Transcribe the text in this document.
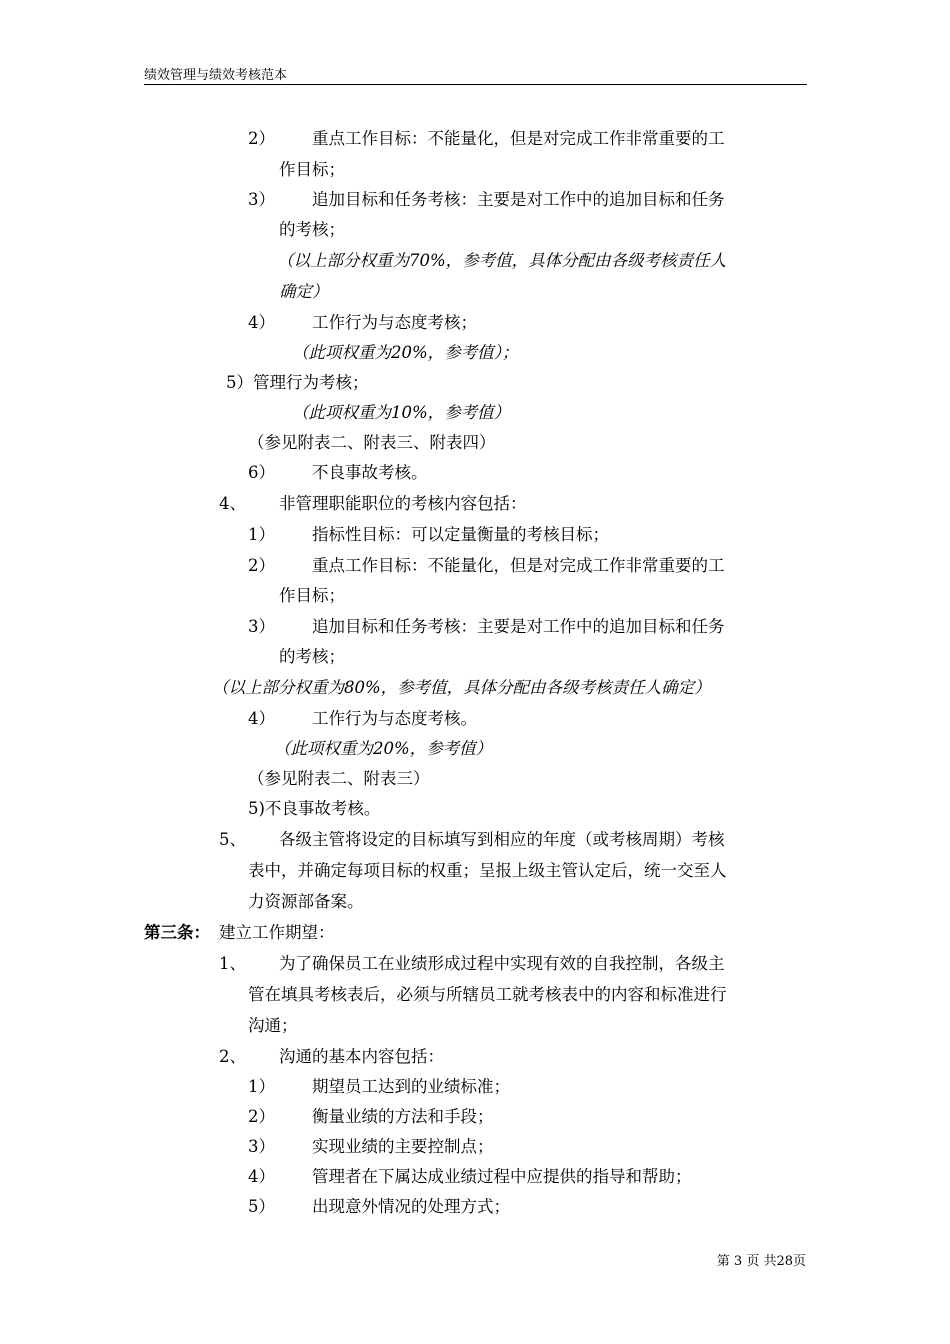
绩效管理与绩效考核范本
2） 重点工作目标：不能量化，但是对完成工作非常重要的工
作目标；
3） 追加目标和任务考核：主要是对工作中的追加目标和任务
的考核；
（以上部分权重为70%，参考值，具体分配由各级考核责任人
确定）
4） 工作行为与态度考核；
（此项权重为20%，参考值）；
5）管理行为考核；
（此项权重为10%，参考值）
（参见附表二、附表三、附表四）
6） 不良事故考核。
4、 非管理职能职位的考核内容包括：
1） 指标性目标：可以定量衡量的考核目标；
2） 重点工作目标：不能量化，但是对完成工作非常重要的工
作目标；
3） 追加目标和任务考核：主要是对工作中的追加目标和任务
的考核；
（以上部分权重为80%，参考值，具体分配由各级考核责任人确定）
4） 工作行为与态度考核。
（此项权重为20%，参考值）
（参见附表二、附表三）
5)不良事故考核。
5、 各级主管将设定的目标填写到相应的年度（或考核周期）考核
表中，并确定每项目标的权重；呈报上级主管认定后，统一交至人
力资源部备案。
第三条： 建立工作期望：
1、 为了确保员工在业绩形成过程中实现有效的自我控制，各级主
管在填具考核表后，必须与所辖员工就考核表中的内容和标准进行
沟通；
2、 沟通的基本内容包括：
1） 期望员工达到的业绩标准；
2） 衡量业绩的方法和手段；
3） 实现业绩的主要控制点；
4） 管理者在下属达成业绩过程中应提供的指导和帮助；
5） 出现意外情况的处理方式；
第 3 页 共28页
